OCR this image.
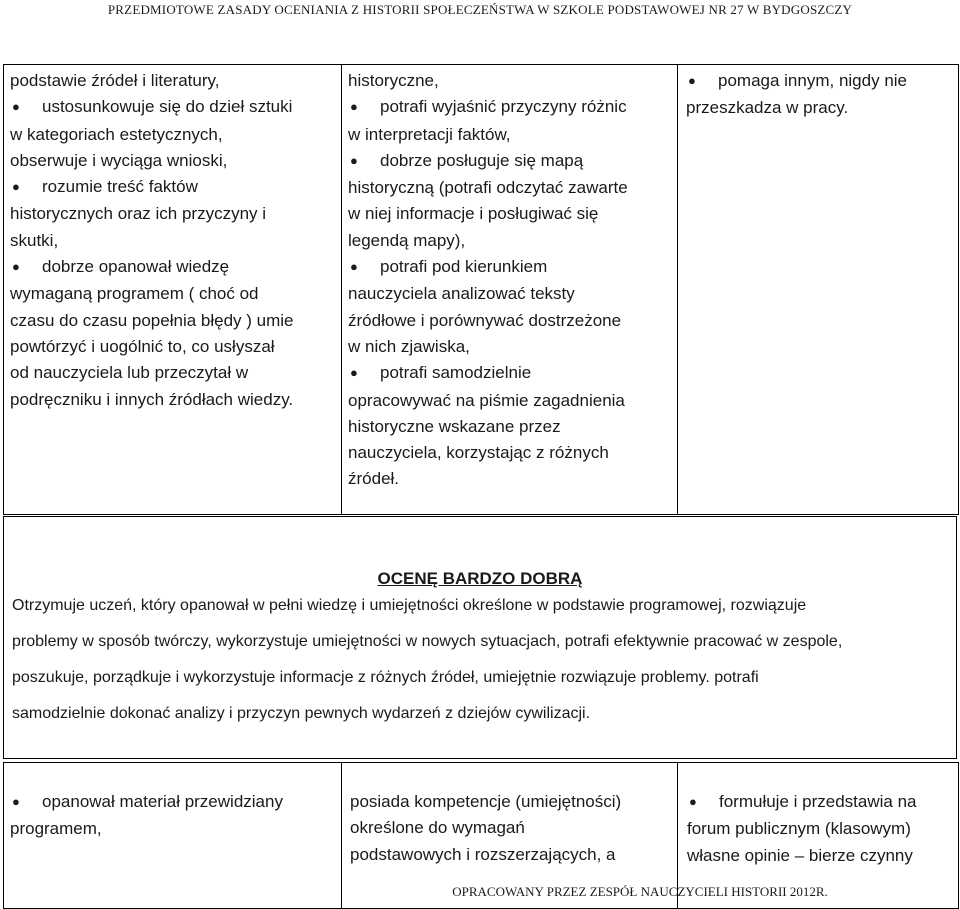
PRZEDMIOTOWE ZASADY OCENIANIA Z HISTORII SPOŁECZEŃSTWA W SZKOLE PODSTAWOWEJ NR 27 W BYDGOSZCZY
podstawie źródeł i literatury,
● ustosunkowuje się do dzieł sztuki
w kategoriach estetycznych,
obserwuje i wyciąga wnioski,
● rozumie treść faktów
historycznych oraz ich przyczyny i
skutki,
● dobrze opanował wiedzę
wymaganą programem ( choć od
czasu do czasu popełnia błędy ) umie
powtórzyć i uogólnić to, co usłyszał
od nauczyciela lub przeczytał w
podręczniku i innych źródłach wiedzy.
historyczne,
● potrafi wyjaśnić przyczyny różnic
w interpretacji faktów,
● dobrze posługuje się mapą
historyczną (potrafi odczytać zawarte
w niej informacje i posługiwać się
legendą mapy),
● potrafi pod kierunkiem
nauczyciela analizować teksty
źródłowe i porównywać dostrzeżone
w nich zjawiska,
● potrafi samodzielnie
opracowywać na piśmie zagadnienia
historyczne wskazane przez
nauczyciela, korzystając z różnych
źródeł.
● pomaga innym, nigdy nie
przeszkadza w pracy.
OCENĘ BARDZO DOBRĄ
Otrzymuje uczeń, który opanował w pełni wiedzę i umiejętności określone w podstawie programowej, rozwiązuje
problemy w sposób twórczy, wykorzystuje umiejętności w nowych sytuacjach, potrafi efektywnie pracować w zespole,
poszukuje, porządkuje i wykorzystuje informacje z różnych źródeł, umiejętnie rozwiązuje problemy. potrafi
samodzielnie dokonać analizy i przyczyn pewnych wydarzeń z dziejów cywilizacji.
● opanował materiał przewidziany
programem,
posiada kompetencje (umiejętności)
określone do wymagań
podstawowych i rozszerzających, a
● formułuje i przedstawia na
forum publicznym (klasowym)
własne opinie – bierze czynny
OPRACOWANY PRZEZ ZESPÓŁ NAUCZYCIELI HISTORII 2012R.
